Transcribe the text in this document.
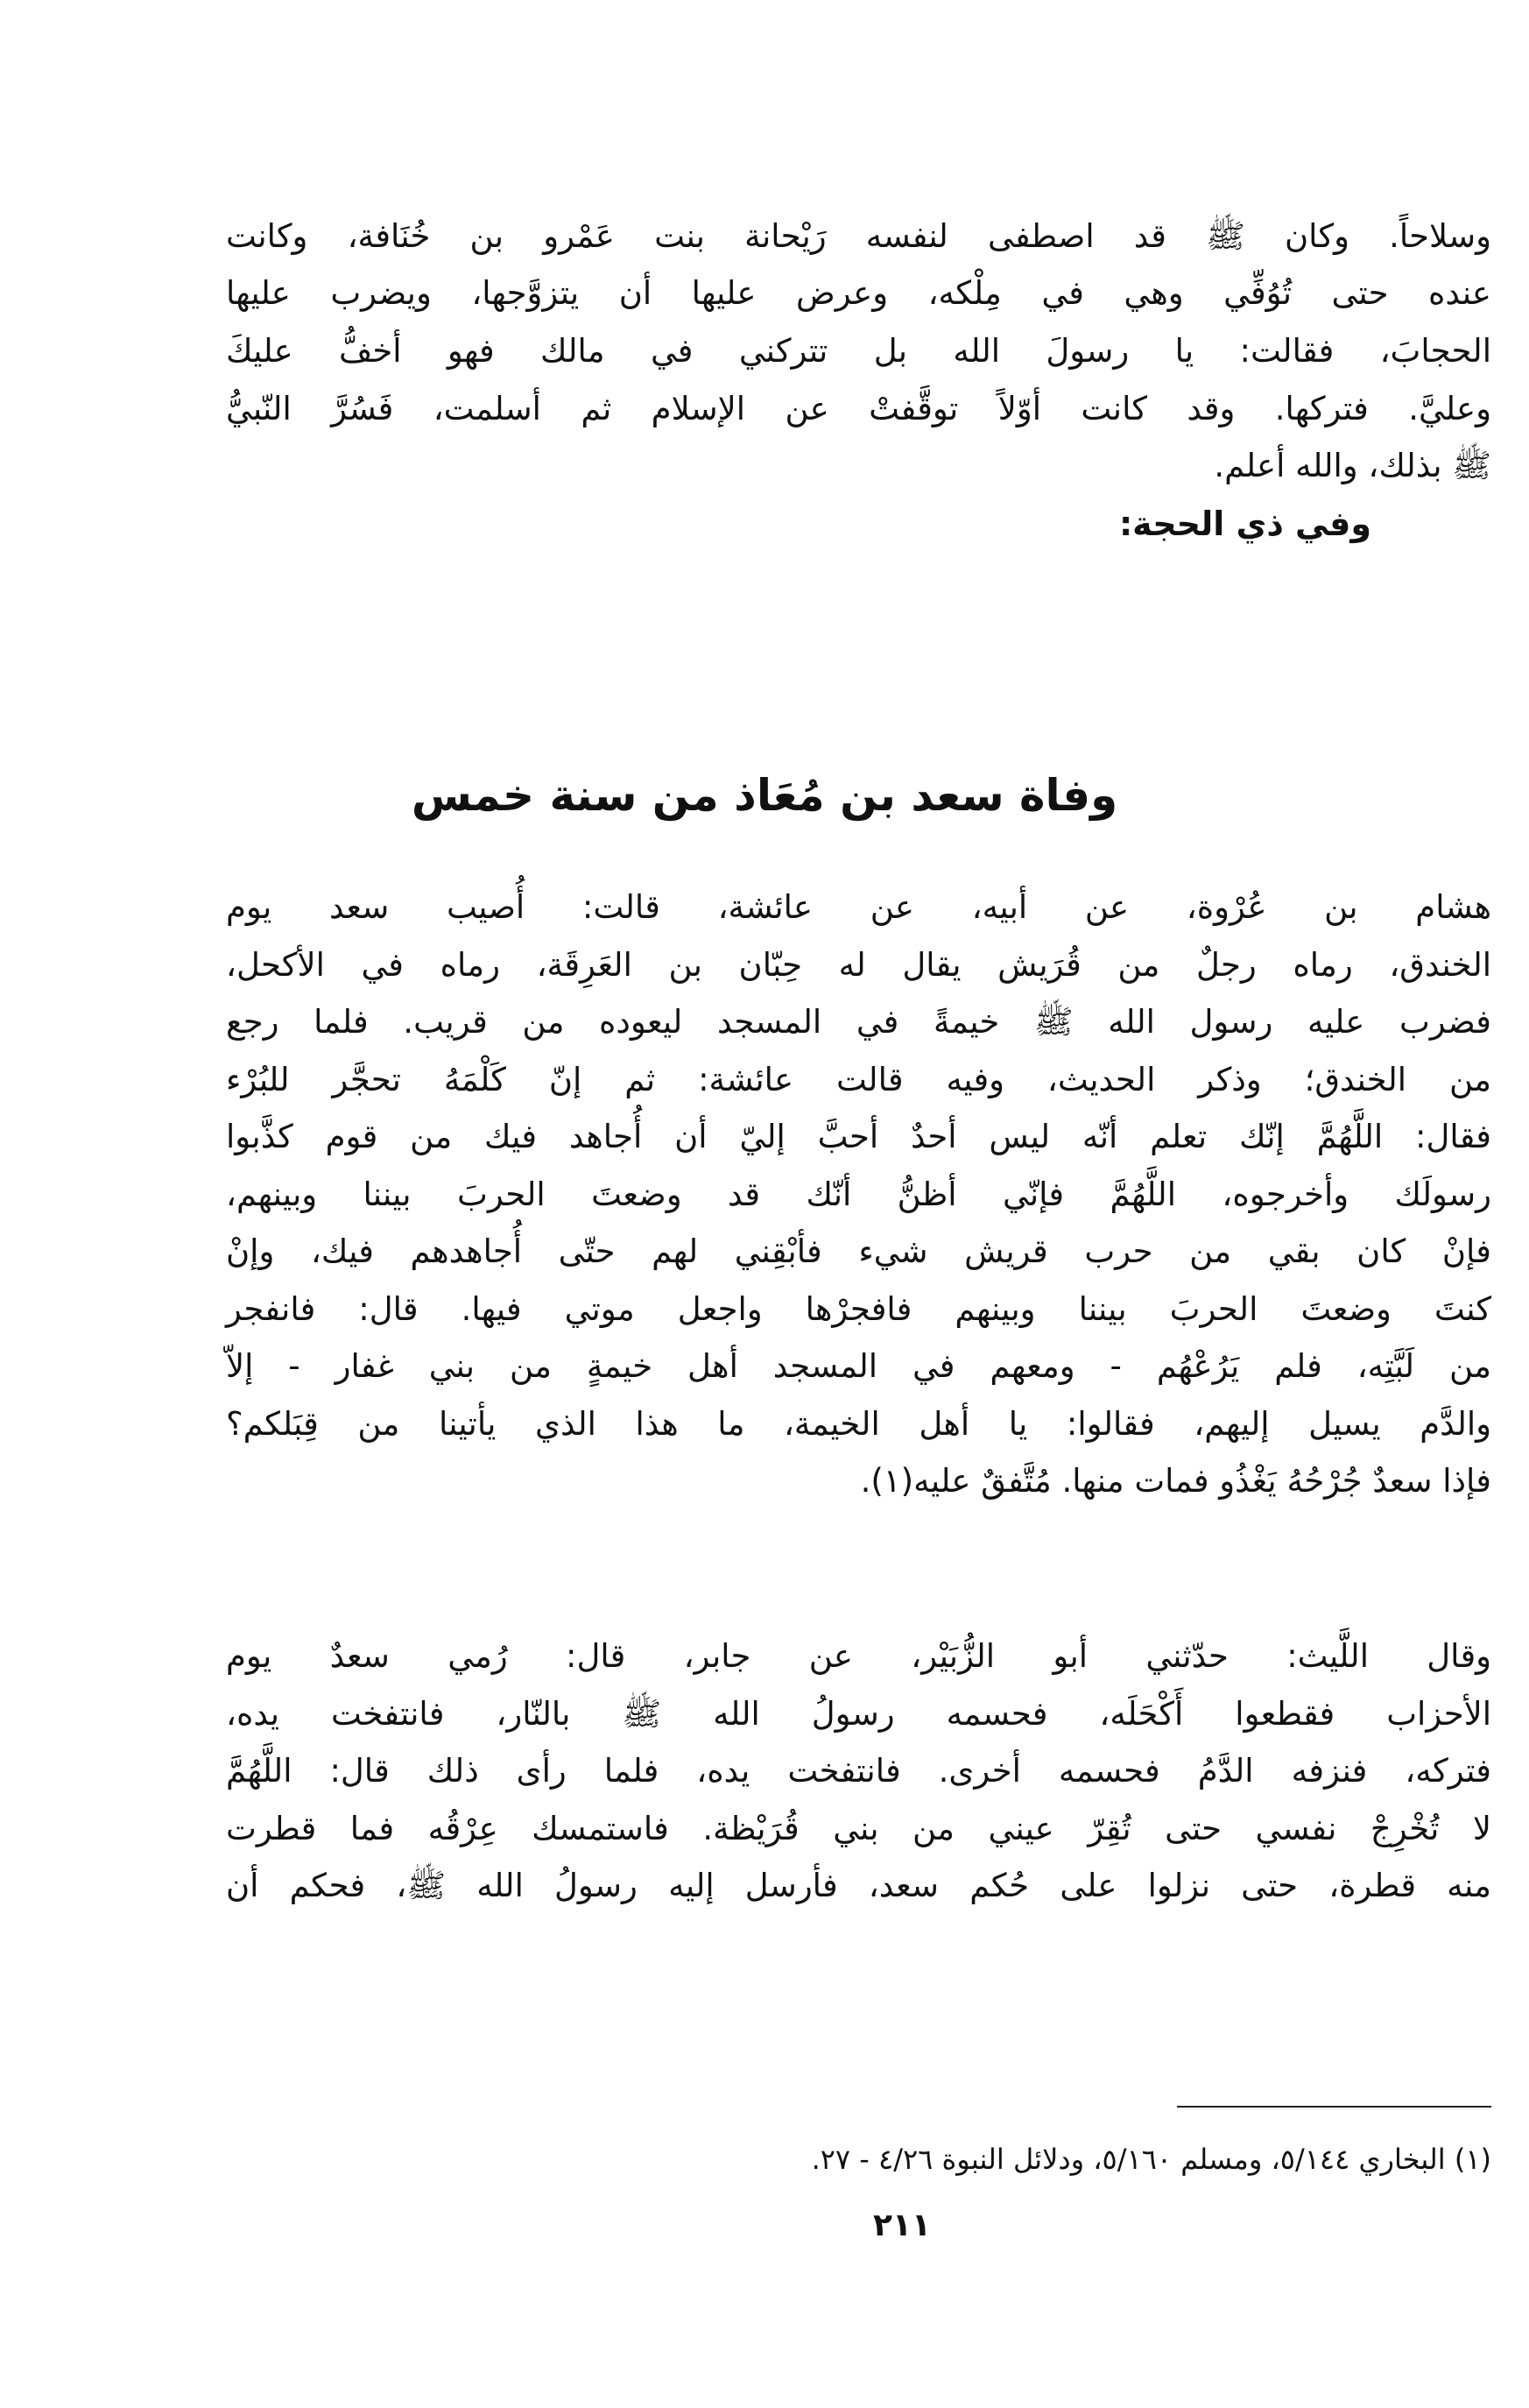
وسلاحاً. وكان ﷺ قد اصطفى لنفسه رَيْحانة بنت عَمْرو بن خُنَافة، وكانت
عنده حتى تُوُفِّي وهي في مِلْكه، وعرض عليها أن يتزوَّجها، ويضرب عليها
الحجابَ، فقالت: يا رسولَ الله بل تتركني في مالك فهو أخفُّ عليكَ
وعليَّ. فتركها. وقد كانت أوّلاً توقَّفتْ عن الإسلام ثم أسلمت، فَسُرَّ النّبيُّ
ﷺ بذلك، والله أعلم.
وفي ذي الحجة:
وفاة سعد بن مُعَاذ من سنة خمس
هشام بن عُرْوة، عن أبيه، عن عائشة، قالت: أُصيب سعد يوم
الخندق، رماه رجلٌ من قُرَيش يقال له حِبّان بن العَرِقَة، رماه في الأكحل،
فضرب عليه رسول الله ﷺ خيمةً في المسجد ليعوده من قريب. فلما رجع
من الخندق؛ وذكر الحديث، وفيه قالت عائشة: ثم إنّ كَلْمَهُ تحجَّر للبُرْء
فقال: اللَّهُمَّ إنّك تعلم أنّه ليس أحدٌ أحبَّ إليّ أن أُجاهد فيك من قوم كذَّبوا
رسولَك وأخرجوه، اللَّهُمَّ فإنّي أظنُّ أنّك قد وضعتَ الحربَ بيننا وبينهم،
فإنْ كان بقي من حرب قريش شيء فأبْقِني لهم حتّى أُجاهدهم فيك، وإنْ
كنتَ وضعتَ الحربَ بيننا وبينهم فافجرْها واجعل موتي فيها. قال: فانفجر
من لَبَّتِه، فلم يَرُعْهُم - ومعهم في المسجد أهل خيمةٍ من بني غفار - إلاّ
والدَّم يسيل إليهم، فقالوا: يا أهل الخيمة، ما هذا الذي يأتينا من قِبَلكم؟
فإذا سعدٌ جُرْحُهُ يَغْذُو فمات منها. مُتَّفقٌ عليه(١).
وقال اللَّيث: حدّثني أبو الزُّبَيْر، عن جابر، قال: رُمي سعدٌ يوم
الأحزاب فقطعوا أَكْحَلَه، فحسمه رسولُ الله ﷺ بالنّار، فانتفخت يده،
فتركه، فنزفه الدَّمُ فحسمه أخرى. فانتفخت يده، فلما رأى ذلك قال: اللَّهُمَّ
لا تُخْرِجْ نفسي حتى تُقِرّ عيني من بني قُرَيْظة. فاستمسك عِرْقُه فما قطرت
منه قطرة، حتى نزلوا على حُكم سعد، فأرسل إليه رسولُ الله ﷺ، فحكم أن
(١) البخاري ٥/١٤٤، ومسلم ٥/١٦٠، ودلائل النبوة ٤/٢٦ - ٢٧.
٢١١
